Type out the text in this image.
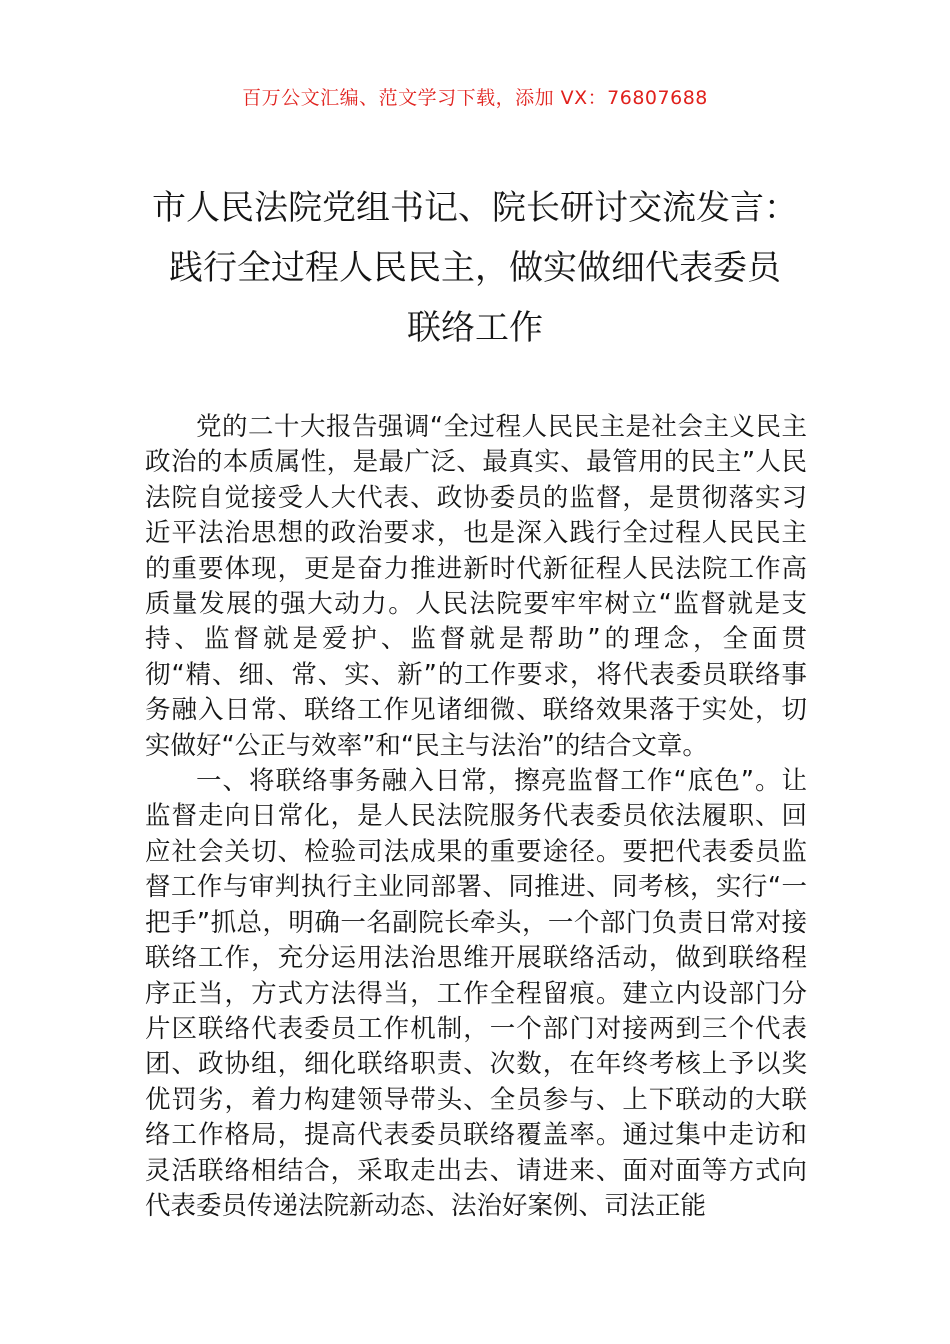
百万公文汇编、范文学习下载，添加 VX：76807688
市人民法院党组书记、院长研讨交流发言：
践行全过程人民民主，做实做细代表委员
联络工作

党的二十大报告强调“全过程人民民主是社会主义民主政治的本质属性，是最广泛、最真实、最管用的民主”人民法院自觉接受人大代表、政协委员的监督，是贯彻落实习近平法治思想的政治要求，也是深入践行全过程人民民主的重要体现，更是奋力推进新时代新征程人民法院工作高质量发展的强大动力。人民法院要牢牢树立“监督就是支持、监督就是爱护、监督就是帮助”的理念，全面贯彻“精、细、常、实、新”的工作要求，将代表委员联络事务融入日常、联络工作见诸细微、联络效果落于实处，切实做好“公正与效率”和“民主与法治”的结合文章。

一、将联络事务融入日常，擦亮监督工作“底色”。让监督走向日常化，是人民法院服务代表委员依法履职、回应社会关切、检验司法成果的重要途径。要把代表委员监督工作与审判执行主业同部署、同推进、同考核，实行“一把手”抓总，明确一名副院长牵头，一个部门负责日常对接联络工作，充分运用法治思维开展联络活动，做到联络程序正当，方式方法得当，工作全程留痕。建立内设部门分片区联络代表委员工作机制，一个部门对接两到三个代表团、政协组，细化联络职责、次数，在年终考核上予以奖优罚劣，着力构建领导带头、全员参与、上下联动的大联络工作格局，提高代表委员联络覆盖率。通过集中走访和灵活联络相结合，采取走出去、请进来、面对面等方式向代表委员传递法院新动态、法治好案例、司法正能
